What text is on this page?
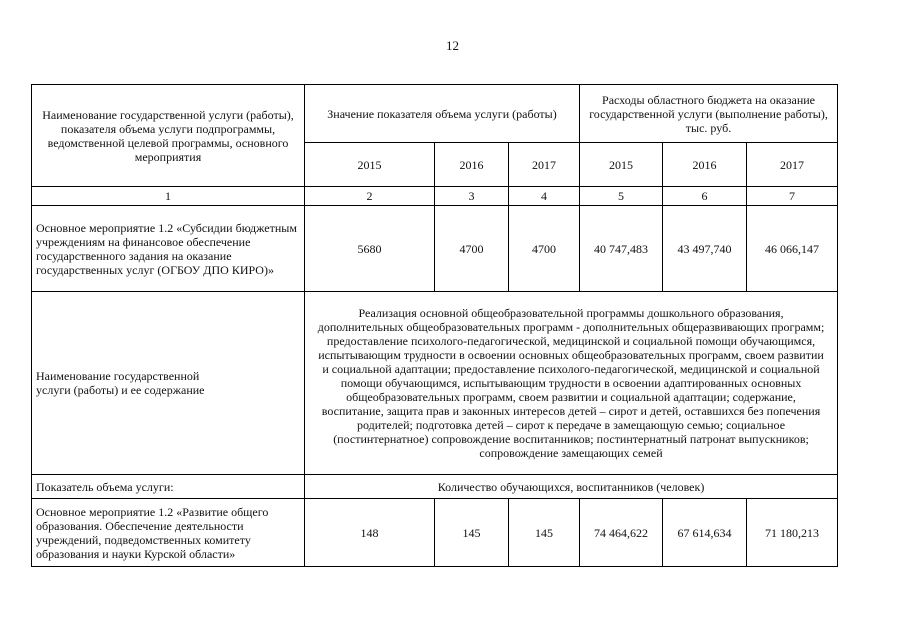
12
Наименование государственной услуги (работы), показателя объема услуги подпрограммы, ведомственной целевой программы, основного мероприятия	Значение показателя объема услуги (работы)			Расходы областного бюджета на оказание государственной услуги (выполнение работы),
тыс. руб.		
	2015	2016	2017	2015	2016	2017
1	2	3	4	5	6	7
Основное мероприятие 1.2 «Субсидии бюджетным учреждениям на финансовое обеспечение государственного задания на оказание государственных услуг (ОГБОУ ДПО КИРО)»	5680	4700	4700	40 747,483	43 497,740	46 066,147
Наименование государственной услуги (работы) и ее содержание	Реализация основной общеобразовательной программы дошкольного образования, дополнительных общеобразовательных программ - дополнительных общеразвивающих программ; предоставление психолого-педагогической, медицинской и социальной помощи обучающимся, испытывающим трудности в освоении основных общеобразовательных программ, своем развитии и социальной адаптации; предоставление психолого-педагогической, медицинской и социальной помощи обучающимся, испытывающим трудности в освоении адаптированных основных общеобразовательных программ, своем развитии и социальной адаптации; содержание, воспитание, защита прав и законных интересов детей – сирот и детей, оставшихся без попечения родителей; подготовка детей – сирот к передаче в замещающую семью; социальное (постинтернатное) сопровождение воспитанников; постинтернатный патронат выпускников; сопровождение замещающих семей					
Показатель объема услуги:	Количество обучающихся, воспитанников (человек)					
Основное мероприятие 1.2 «Развитие общего образования. Обеспечение деятельности учреждений, подведомственных комитету образования и науки Курской области»	148	145	145	74 464,622	67 614,634	71 180,213
